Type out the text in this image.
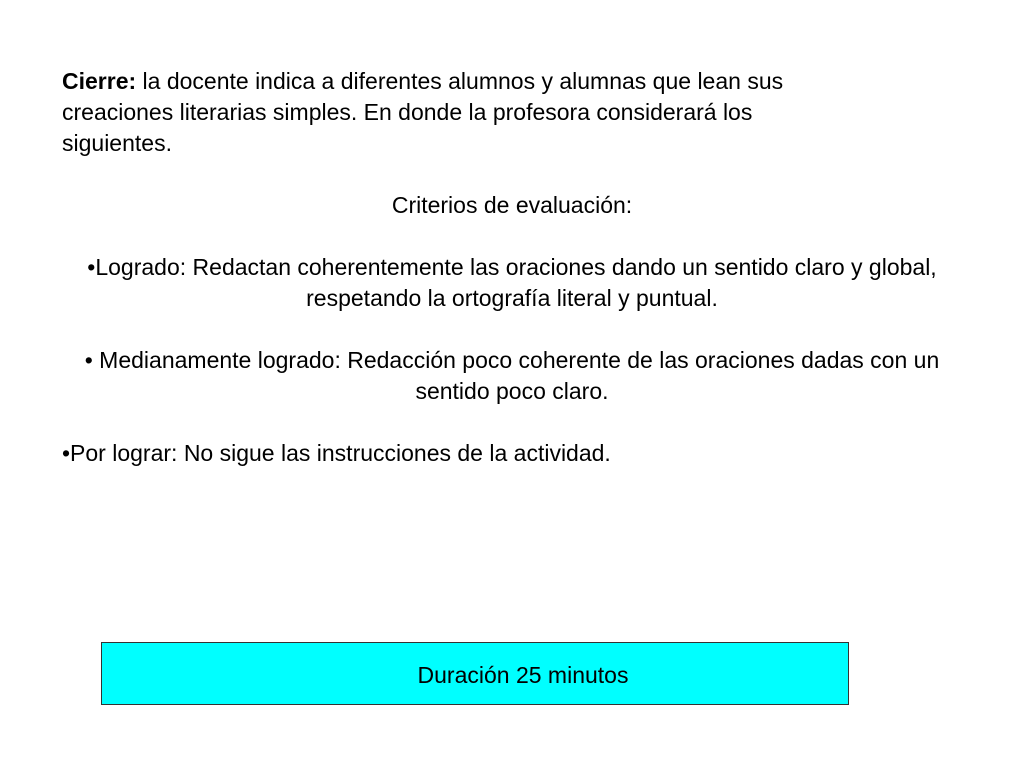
Cierre: la docente indica a diferentes alumnos y alumnas que lean sus creaciones literarias simples. En donde la profesora considerará los siguientes.

Criterios de evaluación:

•Logrado: Redactan coherentemente las oraciones dando un sentido claro y global, respetando la ortografía literal y puntual.

• Medianamente logrado: Redacción poco coherente de las oraciones dadas con un sentido poco claro.

•Por lograr: No sigue las instrucciones de la actividad.

Duración 25 minutos
